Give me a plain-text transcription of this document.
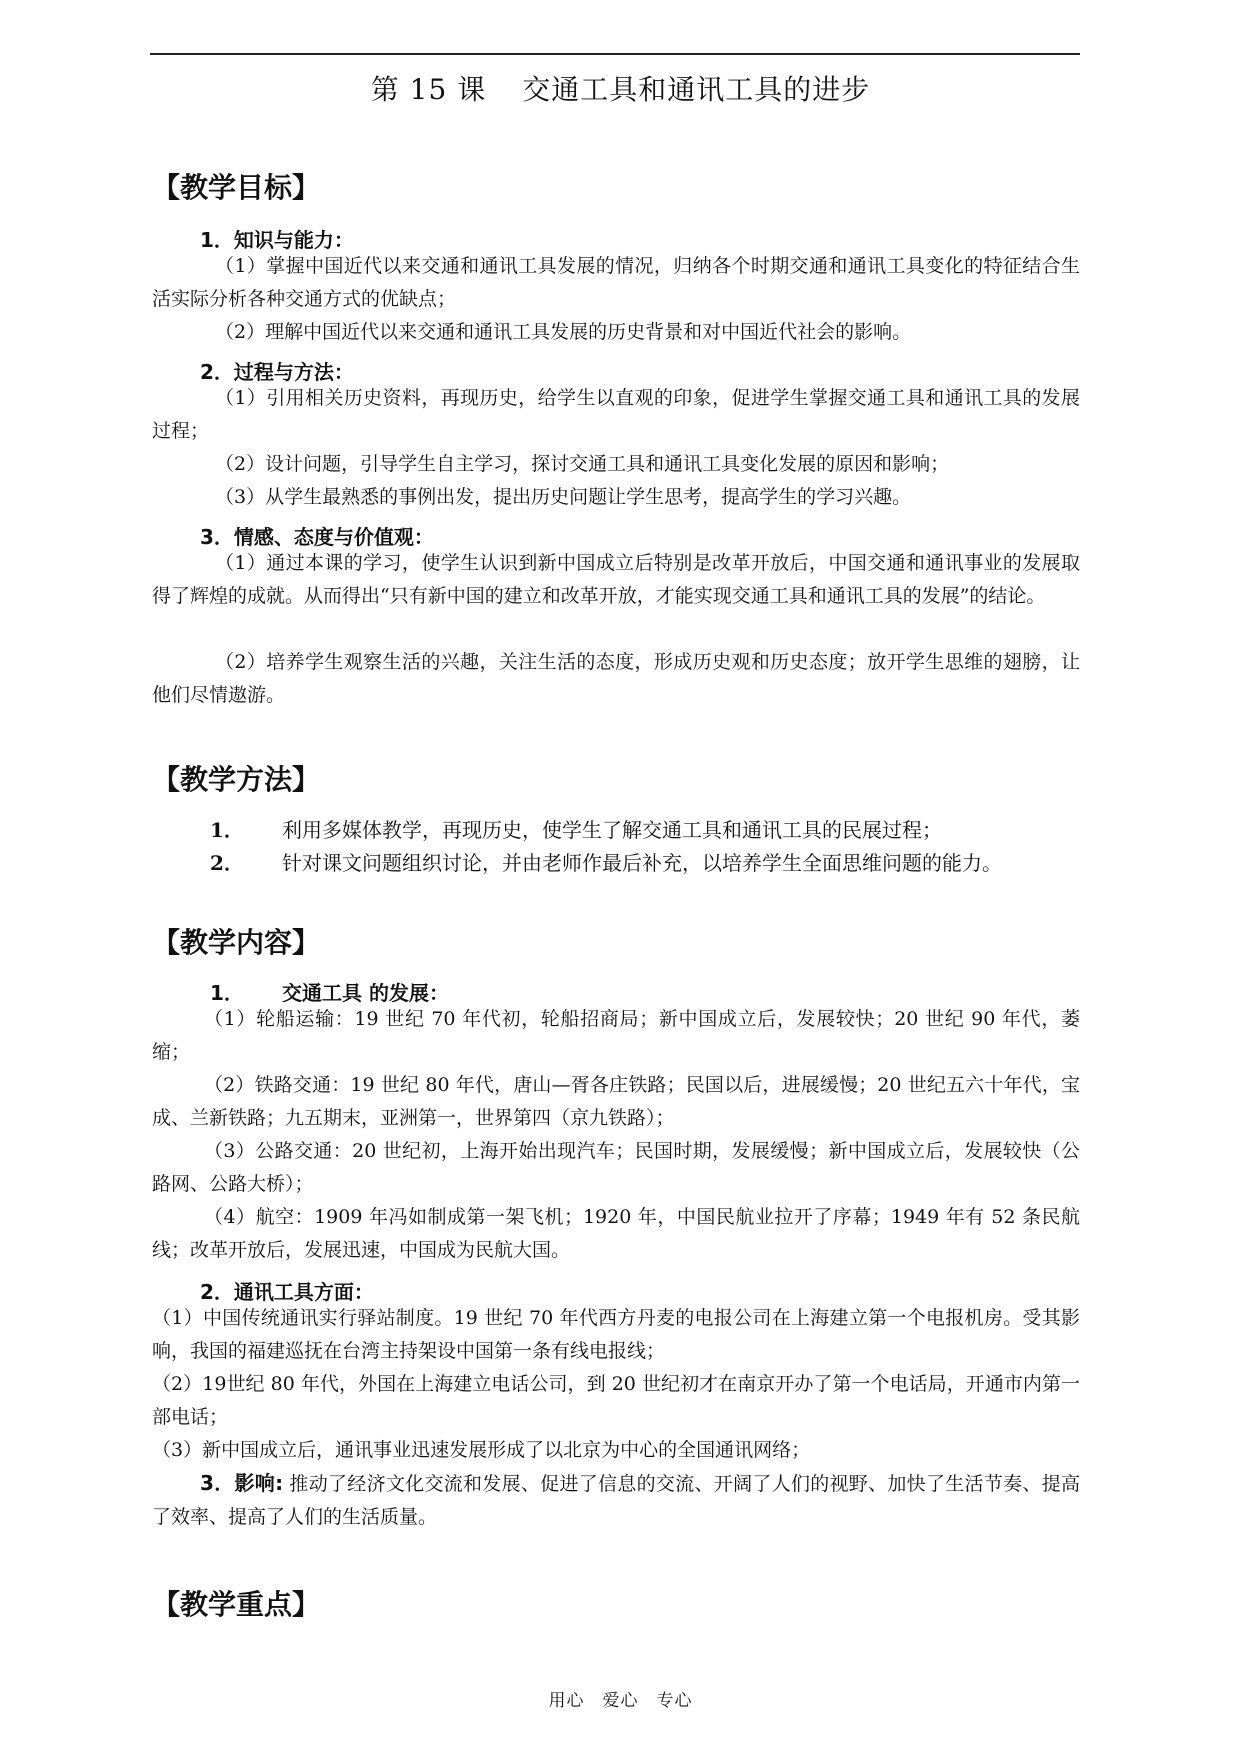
第 15 课 交通工具和通讯工具的进步
【教学目标】
1．知识与能力：
（1）掌握中国近代以来交通和通讯工具发展的情况，归纳各个时期交通和通讯工具变化的特征结合生活实际分析各种交通方式的优缺点；
（2）理解中国近代以来交通和通讯工具发展的历史背景和对中国近代社会的影响。
2．过程与方法：
（1）引用相关历史资料，再现历史，给学生以直观的印象，促进学生掌握交通工具和通讯工具的发展过程；
（2）设计问题，引导学生自主学习，探讨交通工具和通讯工具变化发展的原因和影响；
（3）从学生最熟悉的事例出发，提出历史问题让学生思考，提高学生的学习兴趣。
3．情感、态度与价值观：
（1）通过本课的学习，使学生认识到新中国成立后特别是改革开放后，中国交通和通讯事业的发展取得了辉煌的成就。从而得出“只有新中国的建立和改革开放，才能实现交通工具和通讯工具的发展”的结论。
（2）培养学生观察生活的兴趣，关注生活的态度，形成历史观和历史态度；放开学生思维的翅膀，让他们尽情遨游。
【教学方法】
1． 利用多媒体教学，再现历史，使学生了解交通工具和通讯工具的民展过程；
2． 针对课文问题组织讨论，并由老师作最后补充，以培养学生全面思维问题的能力。
【教学内容】
1． 交通工具 的发展：
（1）轮船运输：19 世纪 70 年代初，轮船招商局；新中国成立后，发展较快；20 世纪 90 年代，萎缩；
（2）铁路交通：19 世纪 80 年代，唐山—胥各庄铁路；民国以后，进展缓慢；20 世纪五六十年代，宝成、兰新铁路；九五期末，亚洲第一，世界第四（京九铁路）；
（3）公路交通：20 世纪初，上海开始出现汽车；民国时期，发展缓慢；新中国成立后，发展较快（公路网、公路大桥）；
（4）航空：1909 年冯如制成第一架飞机；1920 年，中国民航业拉开了序幕；1949 年有 52 条民航线；改革开放后，发展迅速，中国成为民航大国。
2．通讯工具方面：
（1）中国传统通讯实行驿站制度。19 世纪 70 年代西方丹麦的电报公司在上海建立第一个电报机房。受其影响，我国的福建巡抚在台湾主持架设中国第一条有线电报线；
（2）19世纪 80 年代，外国在上海建立电话公司，到 20 世纪初才在南京开办了第一个电话局，开通市内第一部电话；
（3）新中国成立后，通讯事业迅速发展形成了以北京为中心的全国通讯网络；
3．影响: 推动了经济文化交流和发展、促进了信息的交流、开阔了人们的视野、加快了生活节奏、提高了效率、提高了人们的生活质量。
【教学重点】
用心　爱心　专心
